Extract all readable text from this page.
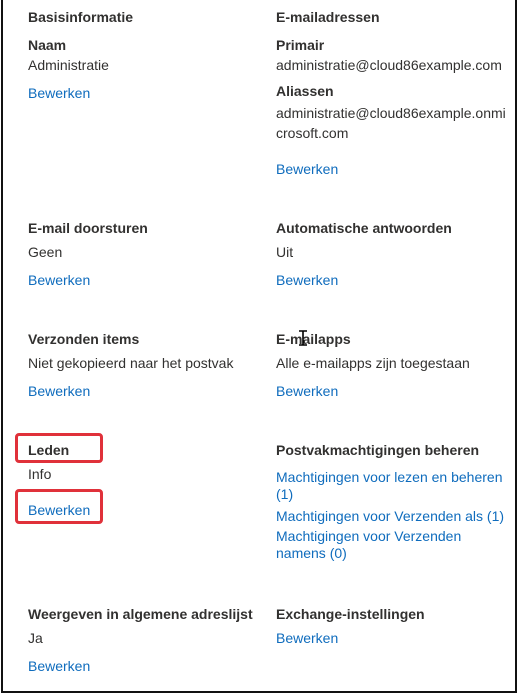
Basisinformatie
Naam
Administratie
Bewerken
E-mail doorsturen
Geen
Bewerken
Verzonden items
Niet gekopieerd naar het postvak
Bewerken
Leden
Info
Bewerken
Weergeven in algemene adreslijst
Ja
Bewerken
E-mailadressen
Primair
administratie@cloud86example.com
Aliassen
administratie@cloud86example.onmi
crosoft.com
Bewerken
Automatische antwoorden
Uit
Bewerken
E-mailapps
Alle e-mailapps zijn toegestaan
Bewerken
Postvakmachtigingen beheren
Machtigingen voor lezen en beheren
(1)
Machtigingen voor Verzenden als (1)
Machtigingen voor Verzenden
namens (0)
Exchange-instellingen
Bewerken
